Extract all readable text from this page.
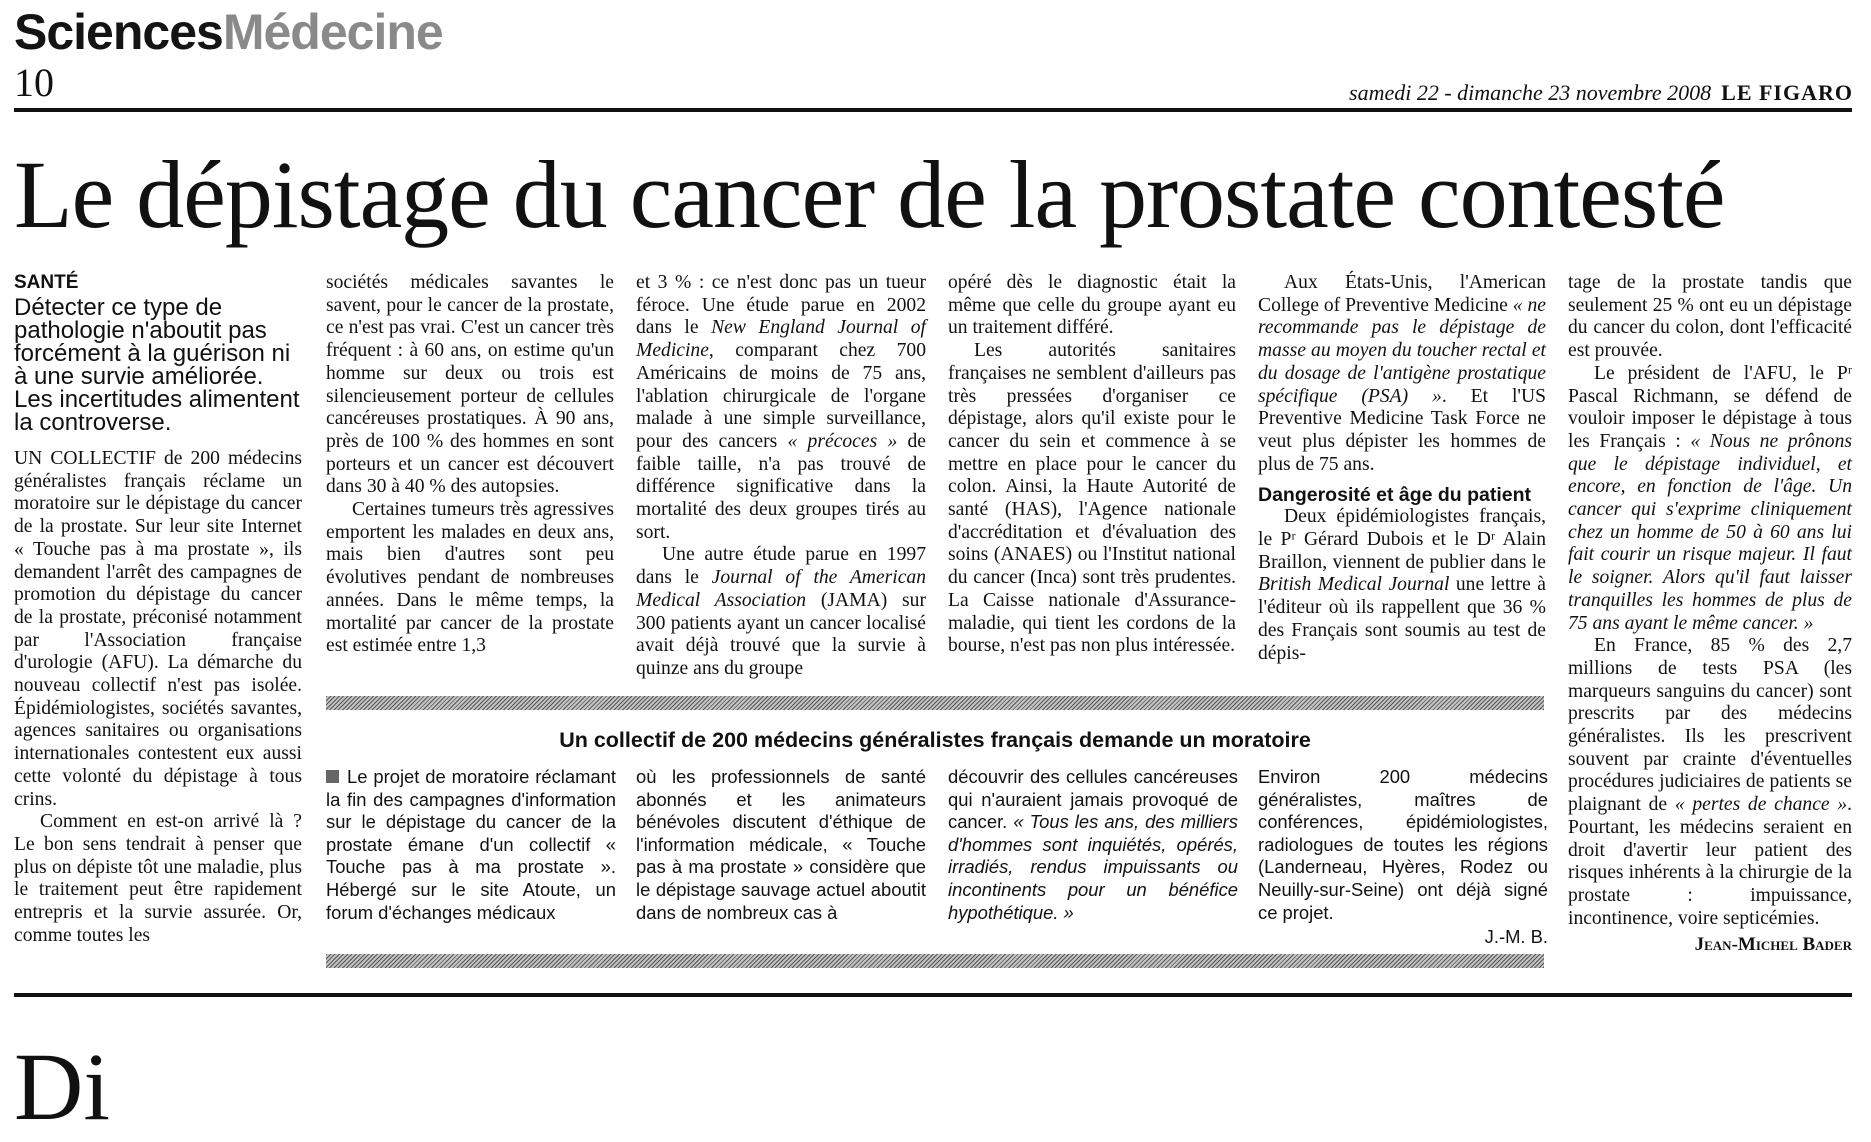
SciencesMédecine
10	samedi 22 - dimanche 23 novembre 2008 LE FIGARO
Le dépistage du cancer de la prostate contesté
SANTÉ
Détecter ce type de pathologie n'aboutit pas forcément à la guérison ni à une survie améliorée. Les incertitudes alimentent la controverse.

UN COLLECTIF de 200 médecins généralistes français réclame un moratoire sur le dépistage du cancer de la prostate. Sur leur site Internet « Touche pas à ma prostate », ils demandent l'arrêt des campagnes de promotion du dépistage du cancer de la prostate, préconisé notamment par l'Association française d'urologie (AFU). La démarche du nouveau collectif n'est pas isolée. Épidémiologistes, sociétés savantes, agences sanitaires ou organisations internationales contestent eux aussi cette volonté du dépistage à tous crins.

Comment en est-on arrivé là ? Le bon sens tendrait à penser que plus on dépiste tôt une maladie, plus le traitement peut être rapidement entrepris et la survie assurée. Or, comme toutes les

sociétés médicales savantes le savent, pour le cancer de la prostate, ce n'est pas vrai. C'est un cancer très fréquent : à 60 ans, on estime qu'un homme sur deux ou trois est silencieusement porteur de cellules cancéreuses prostatiques. À 90 ans, près de 100 % des hommes en sont porteurs et un cancer est découvert dans 30 à 40 % des autopsies.

Certaines tumeurs très agressives emportent les malades en deux ans, mais bien d'autres sont peu évolutives pendant de nombreuses années. Dans le même temps, la mortalité par cancer de la prostate est estimée entre 1,3

et 3 % : ce n'est donc pas un tueur féroce. Une étude parue en 2002 dans le New England Journal of Medicine, comparant chez 700 Américains de moins de 75 ans, l'ablation chirurgicale de l'organe malade à une simple surveillance, pour des cancers « précoces » de faible taille, n'a pas trouvé de différence significative dans la mortalité des deux groupes tirés au sort.

Une autre étude parue en 1997 dans le Journal of the American Medical Association (JAMA) sur 300 patients ayant un cancer localisé avait déjà trouvé que la survie à quinze ans du groupe

opéré dès le diagnostic était la même que celle du groupe ayant eu un traitement différé.

Les autorités sanitaires françaises ne semblent d'ailleurs pas très pressées d'organiser ce dépistage, alors qu'il existe pour le cancer du sein et commence à se mettre en place pour le cancer du colon. Ainsi, la Haute Autorité de santé (HAS), l'Agence nationale d'accréditation et d'évaluation des soins (ANAES) ou l'Institut national du cancer (Inca) sont très prudentes. La Caisse nationale d'Assurance-maladie, qui tient les cordons de la bourse, n'est pas non plus intéressée.

Aux États-Unis, l'American College of Preventive Medicine « ne recommande pas le dépistage de masse au moyen du toucher rectal et du dosage de l'antigène prostatique spécifique (PSA) ». Et l'US Preventive Medicine Task Force ne veut plus dépister les hommes de plus de 75 ans.

Dangerosité et âge du patient

Deux épidémiologistes français, le Pʳ Gérard Dubois et le Dʳ Alain Braillon, viennent de publier dans le British Medical Journal une lettre à l'éditeur où ils rappellent que 36 % des Français sont soumis au test de dépis-

tage de la prostate tandis que seulement 25 % ont eu un dépistage du cancer du colon, dont l'efficacité est prouvée.

Le président de l'AFU, le Pʳ Pascal Richmann, se défend de vouloir imposer le dépistage à tous les Français : « Nous ne prônons que le dépistage individuel, et encore, en fonction de l'âge. Un cancer qui s'exprime cliniquement chez un homme de 50 à 60 ans lui fait courir un risque majeur. Il faut le soigner. Alors qu'il faut laisser tranquilles les hommes de plus de 75 ans ayant le même cancer. »

En France, 85 % des 2,7 millions de tests PSA (les marqueurs sanguins du cancer) sont prescrits par des médecins généralistes. Ils les prescrivent souvent par crainte d'éventuelles procédures judiciaires de patients se plaignant de « pertes de chance ». Pourtant, les médecins seraient en droit d'avertir leur patient des risques inhérents à la chirurgie de la prostate : impuissance, incontinence, voire septicémies.

Jean-Michel Bader
Un collectif de 200 médecins généralistes français demande un moratoire

Le projet de moratoire réclamant la fin des campagnes d'information sur le dépistage du cancer de la prostate émane d'un collectif « Touche pas à ma prostate ». Hébergé sur le site Atoute, un forum d'échanges médicaux

où les professionnels de santé abonnés et les animateurs bénévoles discutent d'éthique de l'information médicale, « Touche pas à ma prostate » considère que le dépistage sauvage actuel aboutit dans de nombreux cas à

découvrir des cellules cancéreuses qui n'auraient jamais provoqué de cancer. « Tous les ans, des milliers d'hommes sont inquiétés, opérés, irradiés, rendus impuissants ou incontinents pour un bénéfice hypothétique. »

Environ 200 médecins généralistes, maîtres de conférences, épidémiologistes, radiologues de toutes les régions (Landerneau, Hyères, Rodez ou Neuilly-sur-Seine) ont déjà signé ce projet.

J.-M. B.
Di
